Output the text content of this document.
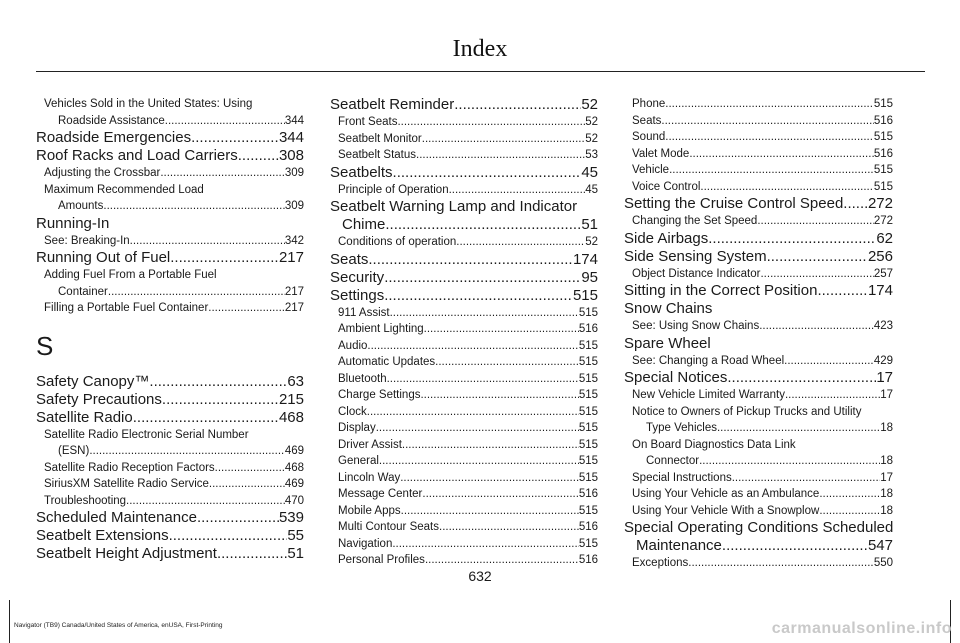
Index
Vehicles Sold in the United States: Using
Roadside Assistance .....	344
Roadside Emergencies .....	344
Roof Racks and Load Carriers .....	308
Adjusting the Crossbar .....	309
Maximum Recommended Load
Amounts .....	309
Running-In
See: Breaking-In .....	342
Running Out of Fuel .....	217
Adding Fuel From a Portable Fuel
Container .....	217
Filling a Portable Fuel Container .....	217
S
Safety Canopy™ .....	63
Safety Precautions .....	215
Satellite Radio .....	468
Satellite Radio Electronic Serial Number
(ESN) .....	469
Satellite Radio Reception Factors .....	468
SiriusXM Satellite Radio Service .....	469
Troubleshooting .....	470
Scheduled Maintenance .....	539
Seatbelt Extensions .....	55
Seatbelt Height Adjustment .....	51
Seatbelt Reminder .....	52
Front Seats .....	52
Seatbelt Monitor .....	52
Seatbelt Status .....	53
Seatbelts .....	45
Principle of Operation .....	45
Seatbelt Warning Lamp and Indicator
Chime .....	51
Conditions of operation .....	52
Seats .....	174
Security .....	95
Settings .....	515
911 Assist .....	515
Ambient Lighting .....	516
Audio .....	515
Automatic Updates .....	515
Bluetooth .....	515
Charge Settings .....	515
Clock .....	515
Display .....	515
Driver Assist .....	515
General .....	515
Lincoln Way .....	515
Message Center .....	516
Mobile Apps .....	515
Multi Contour Seats .....	516
Navigation .....	515
Personal Profiles .....	516
Phone .....	515
Seats .....	516
Sound .....	515
Valet Mode .....	516
Vehicle .....	515
Voice Control .....	515
Setting the Cruise Control Speed ..... 272
Changing the Set Speed .....	272
Side Airbags .....	62
Side Sensing System .....	256
Object Distance Indicator .....	257
Sitting in the Correct Position .....	174
Snow Chains
See: Using Snow Chains .....	423
Spare Wheel
See: Changing a Road Wheel .....	429
Special Notices .....	17
New Vehicle Limited Warranty .....	17
Notice to Owners of Pickup Trucks and Utility
Type Vehicles .....	18
On Board Diagnostics Data Link
Connector .....	18
Special Instructions .....	17
Using Your Vehicle as an Ambulance .....	18
Using Your Vehicle With a Snowplow .....	18
Special Operating Conditions Scheduled
Maintenance .....	547
Exceptions .....	550
632
Navigator (TB9) Canada/United States of America, enUSA, First-Printing	carmanualsonline.info
